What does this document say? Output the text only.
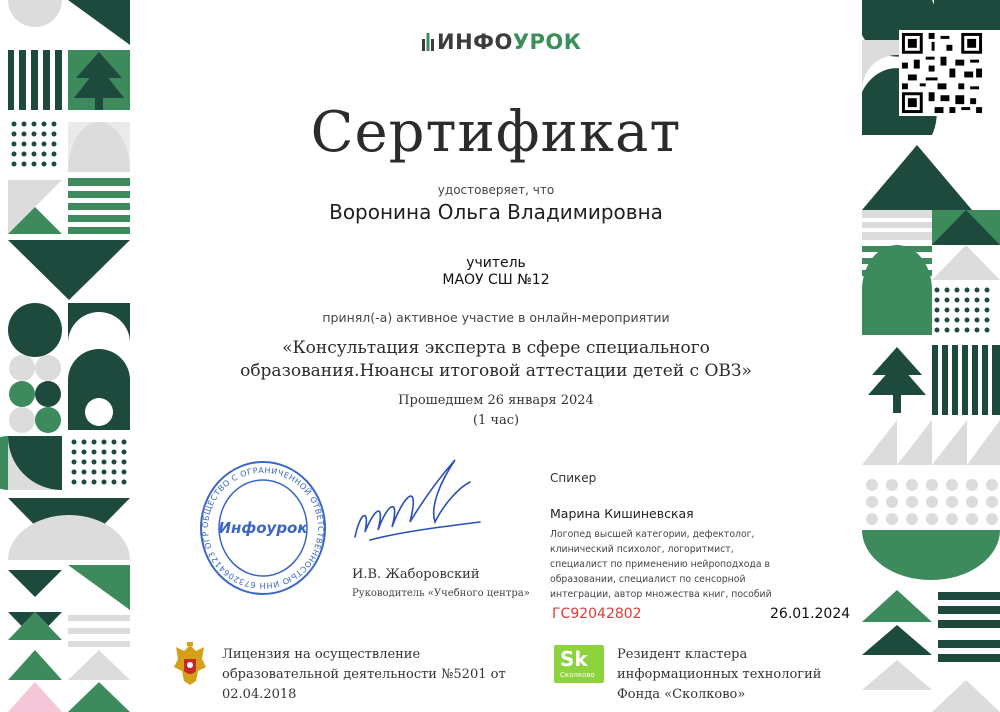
ИНФОУРОК
Сертификат
удостоверяет, что
Воронина Ольга Владимировна
учитель
МАОУ СШ №12
принял(-а) активное участие в онлайн-мероприятии
«Консультация эксперта в сфере специального
образования.Нюансы итоговой аттестации детей с ОВЗ»
Прошедшем 26 января 2024
(1 час)
ОБЩЕСТВО С ОГРАНИЧЕННОЙ ОТВЕТСТВЕННОСТЬЮ ИНН 6732064123 ОГР Инфоурок
И.В. Жаборовский
Руководитель «Учебного центра»
Спикер
Марина Кишиневская
Логопед высшей категории, дефектолог, клинический психолог, логоритмист, специалист по применению нейроподхода в образовании, специалист по сенсорной интеграции, автор множества книг, пособий
ГС92042802	26.01.2024
Лицензия на осуществление образовательной деятельности №5201 от 02.04.2018
Sk
Сколково
Резидент кластера информационных технологий Фонда «Сколково»
